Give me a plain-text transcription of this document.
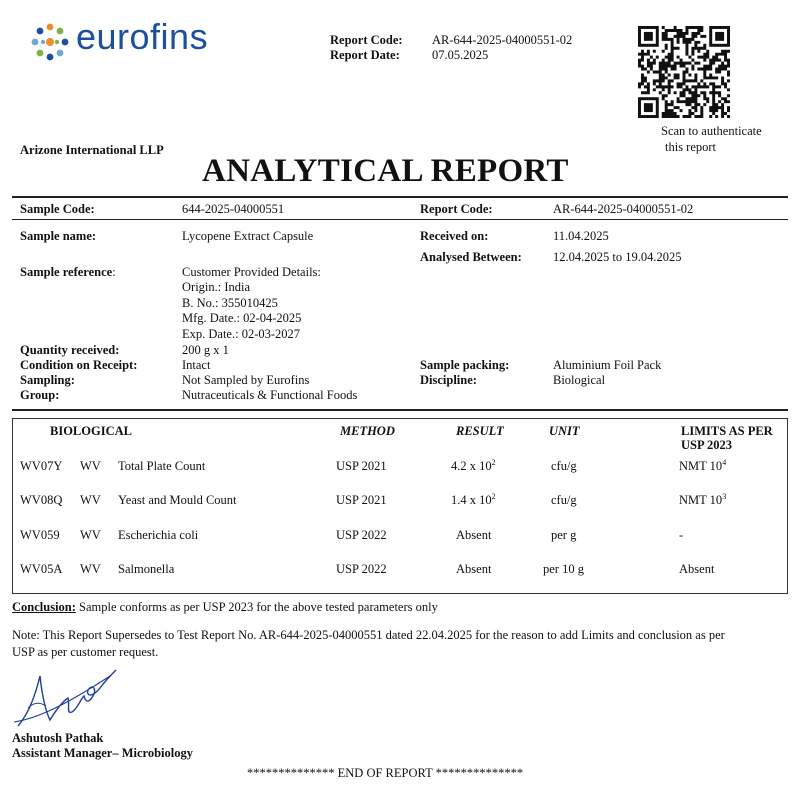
eurofins	Report Code: AR-644-2025-04000551-02
Report Date:	07.05.2025
Scan to authenticate
this report
Arizone International LLP
ANALYTICAL REPORT
Sample Code:	644-2025-04000551	Report Code:	AR-644-2025-04000551-02
Sample name:	Lycopene Extract Capsule	Received on:	11.04.2025
Analysed Between:	12.04.2025 to 19.04.2025
Sample reference:	Customer Provided Details:
Origin.: India
B. No.: 355010425
Mfg. Date.: 02-04-2025
Exp. Date.: 02-03-2027
Quantity received:	200 g x 1
Condition on Receipt:	Intact	Sample packing:	Aluminium Foil Pack
Sampling:	Not Sampled by Eurofins	Discipline:	Biological
Group:	Nutraceuticals & Functional Foods
BIOLOGICAL	METHOD	RESULT	UNIT	LIMITS AS PER
USP 2023
WV07Y WV Total Plate Count	USP 2021	4.2 x $10^2$	cfu/g	NMT $10^4$
WV08Q WV Yeast and Mould Count	USP 2021	1.4 x $10^2$	cfu/g	NMT $10^3$
WV059 WV Escherichia coli	USP 2022	Absent	per g	-
WV05A WV Salmonella	USP 2022	Absent	per 10 g	Absent
Conclusion: Sample conforms as per USP 2023 for the above tested parameters only
Note: This Report Supersedes to Test Report No. AR-644-2025-04000551 dated 22.04.2025 for the reason to add Limits and conclusion as per
USP as per customer request.
Ashutosh Pathak
Assistant Manager– Microbiology
************** END OF REPORT **************
